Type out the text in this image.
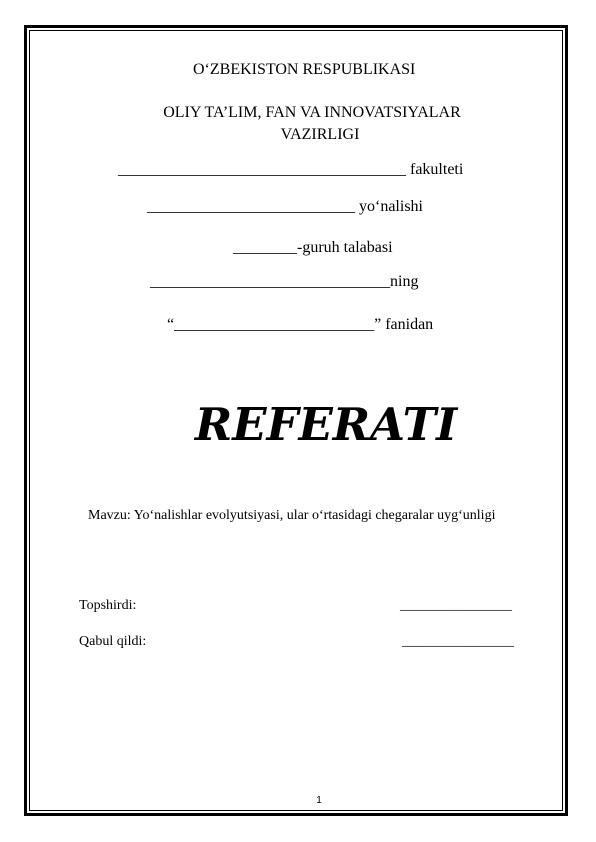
O‘ZBEKISTON RESPUBLIKASI
OLIY TA’LIM, FAN VA INNOVATSIYALAR
VAZIRLIGI
____________________________________ fakulteti
__________________________ yo‘nalishi
________-guruh talabasi
______________________________ning
“_________________________” fanidan
REFERATI
Mavzu: Yo‘nalishlar evolyutsiyasi, ular o‘rtasidagi chegaralar uyg‘unligi
Topshirdi:	________________
Qabul qildi:	________________
1
